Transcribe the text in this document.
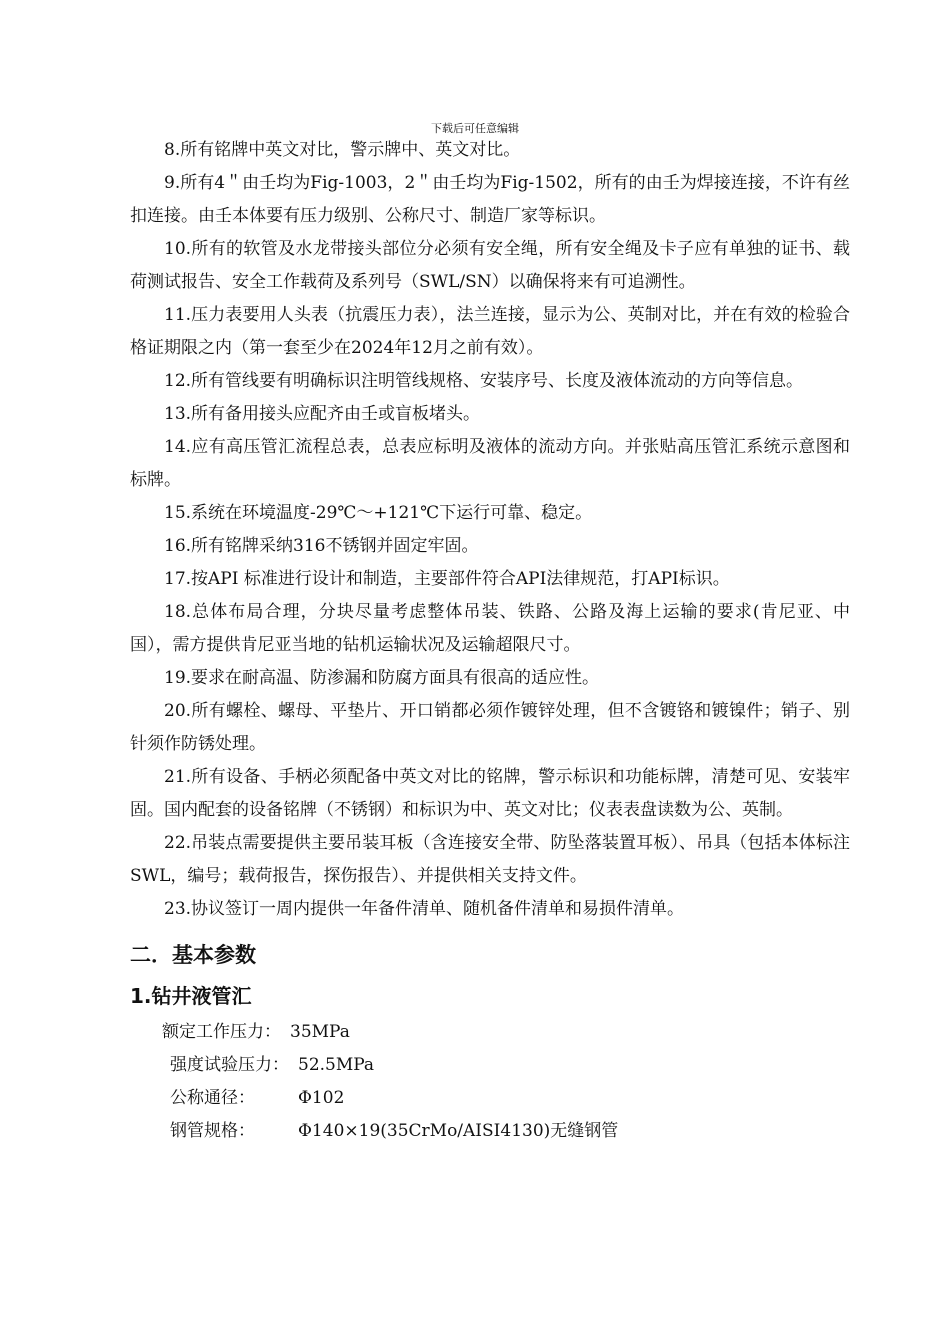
下载后可任意编辑

8.所有铭牌中英文对比，警示牌中、英文对比。

9.所有4＂由壬均为Fig-1003，2＂由壬均为Fig-1502，所有的由壬为焊接连接，不许有丝扣连接。由壬本体要有压力级别、公称尺寸、制造厂家等标识。

10.所有的软管及水龙带接头部位分必须有安全绳，所有安全绳及卡子应有单独的证书、载荷测试报告、安全工作载荷及系列号（SWL/SN）以确保将来有可追溯性。

11.压力表要用人头表（抗震压力表），法兰连接，显示为公、英制对比，并在有效的检验合格证期限之内（第一套至少在2024年12月之前有效）。

12.所有管线要有明确标识注明管线规格、安装序号、长度及液体流动的方向等信息。

13.所有备用接头应配齐由壬或盲板堵头。

14.应有高压管汇流程总表，总表应标明及液体的流动方向。并张贴高压管汇系统示意图和标牌。

15.系统在环境温度-29℃～+121℃下运行可靠、稳定。

16.所有铭牌采纳316不锈钢并固定牢固。

17.按API 标准进行设计和制造，主要部件符合API法律规范，打API标识。

18.总体布局合理，分块尽量考虑整体吊装、铁路、公路及海上运输的要求(肯尼亚、中国），需方提供肯尼亚当地的钻机运输状况及运输超限尺寸。

19.要求在耐高温、防渗漏和防腐方面具有很高的适应性。

20.所有螺栓、螺母、平垫片、开口销都必须作镀锌处理，但不含镀铬和镀镍件；销子、别针须作防锈处理。

21.所有设备、手柄必须配备中英文对比的铭牌，警示标识和功能标牌，清楚可见、安装牢固。国内配套的设备铭牌（不锈钢）和标识为中、英文对比；仪表表盘读数为公、英制。

22.吊装点需要提供主要吊装耳板（含连接安全带、防坠落装置耳板）、吊具（包括本体标注SWL，编号；载荷报告，探伤报告）、并提供相关支持文件。

23.协议签订一周内提供一年备件清单、随机备件清单和易损件清单。

二．基本参数
1.钻井液管汇
额定工作压力： 35MPa
强度试验压力： 52.5MPa
公称通径：	Φ102
钢管规格：	Φ140×19(35CrMo/AISI4130)无缝钢管
